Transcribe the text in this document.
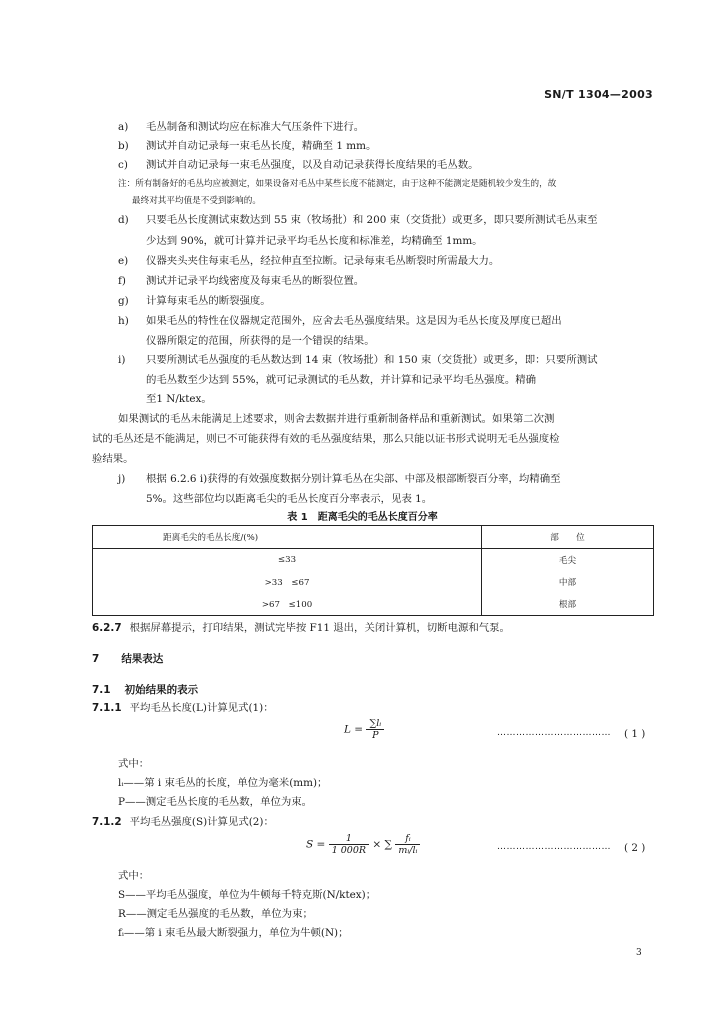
SN/T 1304—2003
a) 毛丛制备和测试均应在标准大气压条件下进行。
b) 测试并自动记录每一束毛丛长度，精确至 1 mm。
c) 测试并自动记录每一束毛丛强度，以及自动记录获得长度结果的毛丛数。
注：所有制备好的毛丛均应被测定，如果设备对毛丛中某些长度不能测定，由于这种不能测定是随机较少发生的，故
最终对其平均值是不受到影响的。
d) 只要毛丛长度测试束数达到 55 束（牧场批）和 200 束（交货批）或更多，即只要所测试毛丛束至
少达到 90%，就可计算并记录平均毛丛长度和标准差，均精确至 1mm。
e) 仪器夹头夹住每束毛丛，经拉伸直至拉断。记录每束毛丛断裂时所需最大力。
f) 测试并记录平均线密度及每束毛丛的断裂位置。
g) 计算每束毛丛的断裂强度。
h) 如果毛丛的特性在仪器规定范围外，应舍去毛丛强度结果。这是因为毛丛长度及厚度已超出
仪器所限定的范围，所获得的是一个错误的结果。
i) 只要所测试毛丛强度的毛丛数达到 14 束（牧场批）和 150 束（交货批）或更多，即：只要所测试
的毛丛数至少达到 55%，就可记录测试的毛丛数，并计算和记录平均毛丛强度。精确
至1 N/ktex。
如果测试的毛丛未能满足上述要求，则舍去数据并进行重新制备样品和重新测试。如果第二次测
试的毛丛还是不能满足，则已不可能获得有效的毛丛强度结果，那么只能以证书形式说明无毛丛强度检
验结果。
j) 根据 6.2.6 i)获得的有效强度数据分别计算毛丛在尖部、中部及根部断裂百分率，均精确至
5%。这些部位均以距离毛尖的毛丛长度百分率表示，见表 1。
表 1　距离毛尖的毛丛长度百分率
距离毛尖的毛丛长度/(%)	部　　位
≤33	毛尖
>33　≤67	中部
>67　≤100	根部
6.2.7 根据屏幕提示，打印结果，测试完毕按 F11 退出，关闭计算机，切断电源和气泵。
7 结果表达
7.1 初始结果的表示
7.1.1 平均毛丛长度(L)计算见式(1)：
$L = \frac{\text{∑lᵢ}}{P}$	……………………………… ( 1 )
式中：
lᵢ——第 i 束毛丛的长度，单位为毫米(mm)；
P——测定毛丛长度的毛丛数，单位为束。
7.1.2 平均毛丛强度(S)计算见式(2)：
$S = \frac{1}{1 000R}$ × ∑ $\frac{\text{fᵢ}}{\text{mᵢ/lᵢ}}$	……………………………… ( 2 )
式中：
S——平均毛丛强度，单位为牛顿每千特克斯(N/ktex)；
R——测定毛丛强度的毛丛数，单位为束；
fᵢ——第 i 束毛丛最大断裂强力，单位为牛顿(N)；
3
